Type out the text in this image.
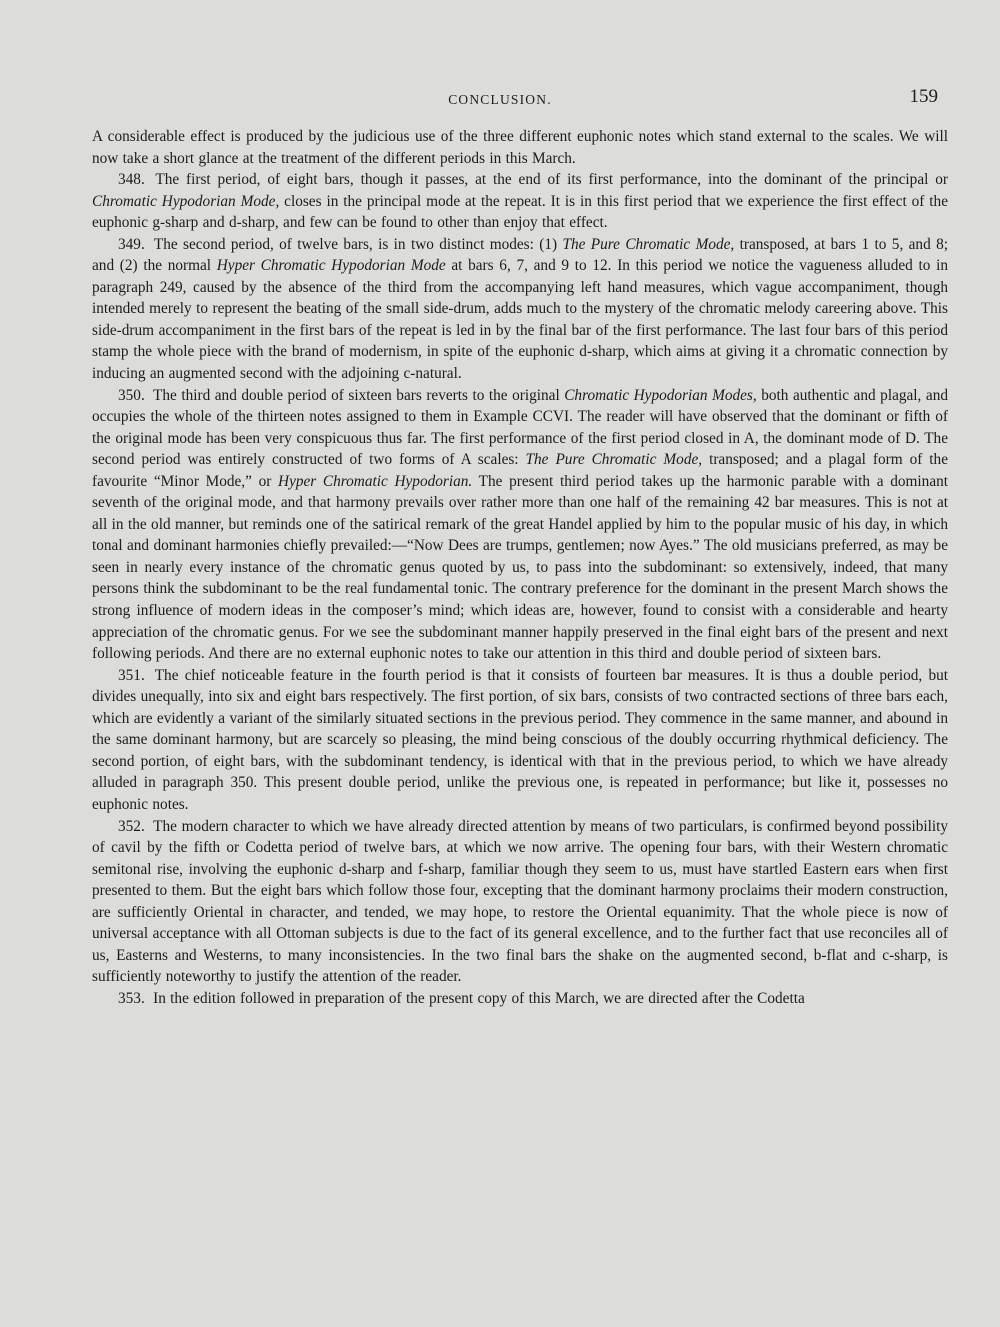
CONCLUSION.	159

A considerable effect is produced by the judicious use of the three different euphonic notes which stand external to the scales. We will now take a short glance at the treatment of the different periods in this March.

348. The first period, of eight bars, though it passes, at the end of its first performance, into the dominant of the principal or Chromatic Hypodorian Mode, closes in the principal mode at the repeat. It is in this first period that we experience the first effect of the euphonic g-sharp and d-sharp, and few can be found to other than enjoy that effect.

349. The second period, of twelve bars, is in two distinct modes: (1) The Pure Chromatic Mode, transposed, at bars 1 to 5, and 8; and (2) the normal Hyper Chromatic Hypodorian Mode at bars 6, 7, and 9 to 12. In this period we notice the vagueness alluded to in paragraph 249, caused by the absence of the third from the accompanying left hand measures, which vague accompaniment, though intended merely to represent the beating of the small side-drum, adds much to the mystery of the chromatic melody careering above. This side-drum accompaniment in the first bars of the repeat is led in by the final bar of the first performance. The last four bars of this period stamp the whole piece with the brand of modernism, in spite of the euphonic d-sharp, which aims at giving it a chromatic connection by inducing an augmented second with the adjoining c-natural.

350. The third and double period of sixteen bars reverts to the original Chromatic Hypodorian Modes, both authentic and plagal, and occupies the whole of the thirteen notes assigned to them in Example CCVI. The reader will have observed that the dominant or fifth of the original mode has been very conspicuous thus far. The first performance of the first period closed in A, the dominant mode of D. The second period was entirely constructed of two forms of A scales: The Pure Chromatic Mode, transposed; and a plagal form of the favourite “Minor Mode,” or Hyper Chromatic Hypodorian. The present third period takes up the harmonic parable with a dominant seventh of the original mode, and that harmony prevails over rather more than one half of the remaining 42 bar measures. This is not at all in the old manner, but reminds one of the satirical remark of the great Handel applied by him to the popular music of his day, in which tonal and dominant harmonies chiefly prevailed:—“Now Dees are trumps, gentlemen; now Ayes.” The old musicians preferred, as may be seen in nearly every instance of the chromatic genus quoted by us, to pass into the subdominant: so extensively, indeed, that many persons think the subdominant to be the real fundamental tonic. The contrary preference for the dominant in the present March shows the strong influence of modern ideas in the composer’s mind; which ideas are, however, found to consist with a considerable and hearty appreciation of the chromatic genus. For we see the subdominant manner happily preserved in the final eight bars of the present and next following periods. And there are no external euphonic notes to take our attention in this third and double period of sixteen bars.

351. The chief noticeable feature in the fourth period is that it consists of fourteen bar measures. It is thus a double period, but divides unequally, into six and eight bars respectively. The first portion, of six bars, consists of two contracted sections of three bars each, which are evidently a variant of the similarly situated sections in the previous period. They commence in the same manner, and abound in the same dominant harmony, but are scarcely so pleasing, the mind being conscious of the doubly occurring rhythmical deficiency. The second portion, of eight bars, with the subdominant tendency, is identical with that in the previous period, to which we have already alluded in paragraph 350. This present double period, unlike the previous one, is repeated in performance; but like it, possesses no euphonic notes.

352. The modern character to which we have already directed attention by means of two particulars, is confirmed beyond possibility of cavil by the fifth or Codetta period of twelve bars, at which we now arrive. The opening four bars, with their Western chromatic semitonal rise, involving the euphonic d-sharp and f-sharp, familiar though they seem to us, must have startled Eastern ears when first presented to them. But the eight bars which follow those four, excepting that the dominant harmony proclaims their modern construction, are sufficiently Oriental in character, and tended, we may hope, to restore the Oriental equanimity. That the whole piece is now of universal acceptance with all Ottoman subjects is due to the fact of its general excellence, and to the further fact that use reconciles all of us, Easterns and Westerns, to many inconsistencies. In the two final bars the shake on the augmented second, b-flat and c-sharp, is sufficiently noteworthy to justify the attention of the reader.

353. In the edition followed in preparation of the present copy of this March, we are directed after the Codetta
